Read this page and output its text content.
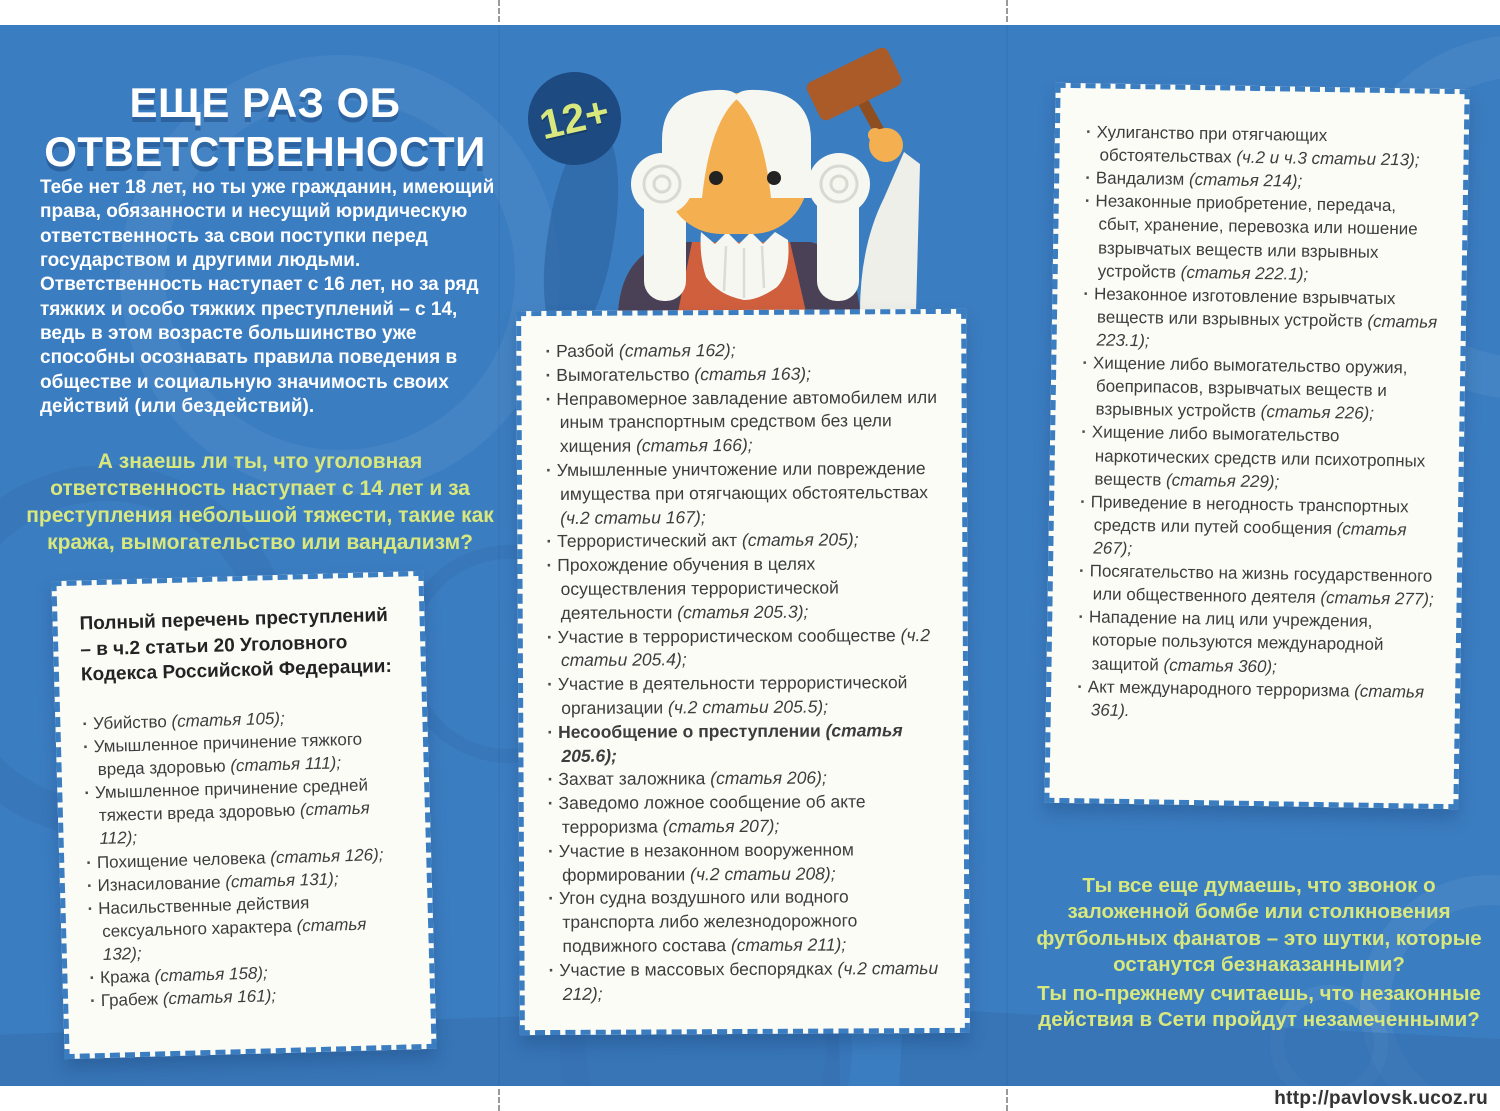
ЕЩЕ РАЗ ОБ
ОТВЕТСТВЕННОСТИ

Тебе нет 18 лет, но ты уже гражданин, имеющий права, обязанности и несущий юридическую ответственность за свои поступки перед государством и другими людьми.

Ответственность наступает с 16 лет, но за ряд тяжких и особо тяжких преступлений – с 14, ведь в этом возрасте большинство уже способны осознавать правила поведения в обществе и социальную значимость своих действий (или бездействий).

А знаешь ли ты, что уголовная ответственность наступает с 14 лет и за преступления небольшой тяжести, такие как кража, вымогательство или вандализм?

Полный перечень преступлений – в ч.2 статьи 20 Уголовного Кодекса Российской Федерации:
· Убийство (статья 105);
· Умышленное причинение тяжкого вреда здоровью (статья 111);
· Умышленное причинение средней тяжести вреда здоровью (статья 112);
· Похищение человека (статья 126);
· Изнасилование (статья 131);
· Насильственные действия сексуального характера (статья 132);
· Кража (статья 158);
· Грабеж (статья 161);
12+
· Разбой (статья 162);
· Вымогательство (статья 163);
· Неправомерное завладение автомобилем или иным транспортным средством без цели хищения (статья 166);
· Умышленные уничтожение или повреждение имущества при отягчающих обстоятельствах (ч.2 статьи 167);
· Террористический акт (статья 205);
· Прохождение обучения в целях осуществления террористической деятельности (статья 205.3);
· Участие в террористическом сообществе (ч.2 статьи 205.4);
· Участие в деятельности террористической организации (ч.2 статьи 205.5);
· Несообщение о преступлении (статья 205.6);
· Захват заложника (статья 206);
· Заведомо ложное сообщение об акте терроризма (статья 207);
· Участие в незаконном вооруженном формировании (ч.2 статьи 208);
· Угон судна воздушного или водного транспорта либо железнодорожного подвижного состава (статья 211);
· Участие в массовых беспорядках (ч.2 статьи 212);
· Хулиганство при отягчающих обстоятельствах (ч.2 и ч.3 статьи 213);
· Вандализм (статья 214);
· Незаконные приобретение, передача, сбыт, хранение, перевозка или ношение взрывчатых веществ или взрывных устройств (статья 222.1);
· Незаконное изготовление взрывчатых веществ или взрывных устройств (статья 223.1);
· Хищение либо вымогательство оружия, боеприпасов, взрывчатых веществ и взрывных устройств (статья 226);
· Хищение либо вымогательство наркотических средств или психотропных веществ (статья 229);
· Приведение в негодность транспортных средств или путей сообщения (статья 267);
· Посягательство на жизнь государственного или общественного деятеля (статья 277);
· Нападение на лиц или учреждения, которые пользуются международной защитой (статья 360);
· Акт международного терроризма (статья 361).

Ты все еще думаешь, что звонок о заложенной бомбе или столкновения футбольных фанатов – это шутки, которые останутся безнаказанными?

Ты по-прежнему считаешь, что незаконные действия в Сети пройдут незамеченными?

http://pavlovsk.ucoz.ru
